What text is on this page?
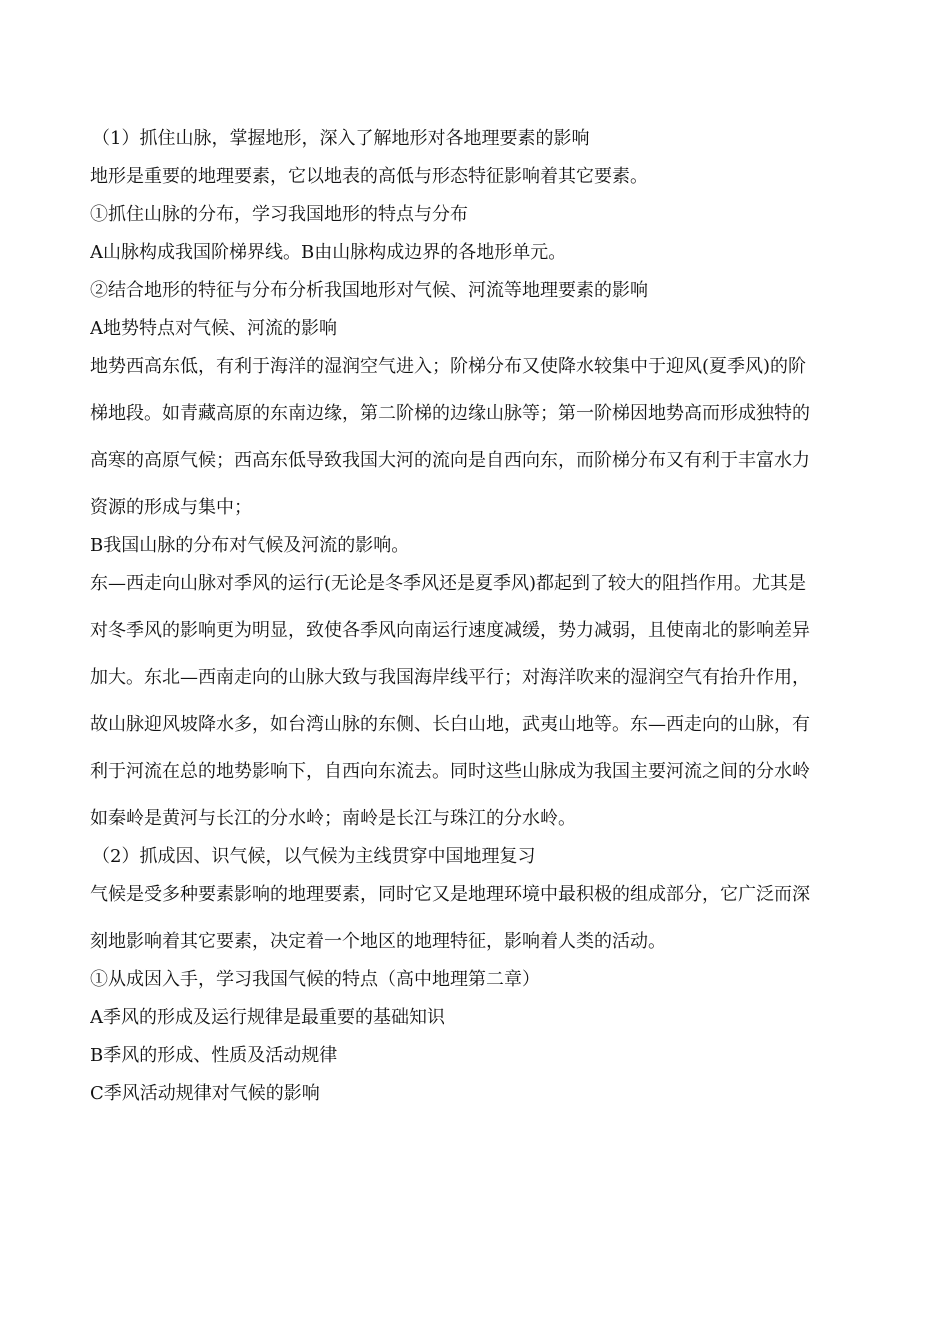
（1）抓住山脉，掌握地形，深入了解地形对各地理要素的影响
地形是重要的地理要素，它以地表的高低与形态特征影响着其它要素。
①抓住山脉的分布，学习我国地形的特点与分布
A山脉构成我国阶梯界线。B由山脉构成边界的各地形单元。
②结合地形的特征与分布分析我国地形对气候、河流等地理要素的影响
A地势特点对气候、河流的影响
地势西高东低，有利于海洋的湿润空气进入；阶梯分布又使降水较集中于迎风(夏季风)的阶
梯地段。如青藏高原的东南边缘，第二阶梯的边缘山脉等；第一阶梯因地势高而形成独特的
高寒的高原气候；西高东低导致我国大河的流向是自西向东，而阶梯分布又有利于丰富水力
资源的形成与集中；
B我国山脉的分布对气候及河流的影响。
东—西走向山脉对季风的运行(无论是冬季风还是夏季风)都起到了较大的阻挡作用。尤其是
对冬季风的影响更为明显，致使各季风向南运行速度减缓，势力减弱，且使南北的影响差异
加大。东北—西南走向的山脉大致与我国海岸线平行；对海洋吹来的湿润空气有抬升作用，
故山脉迎风坡降水多，如台湾山脉的东侧、长白山地，武夷山地等。东—西走向的山脉，有
利于河流在总的地势影响下，自西向东流去。同时这些山脉成为我国主要河流之间的分水岭
如秦岭是黄河与长江的分水岭；南岭是长江与珠江的分水岭。
（2）抓成因、识气候，以气候为主线贯穿中国地理复习
气候是受多种要素影响的地理要素，同时它又是地理环境中最积极的组成部分，它广泛而深
刻地影响着其它要素，决定着一个地区的地理特征，影响着人类的活动。
①从成因入手，学习我国气候的特点（高中地理第二章）
A季风的形成及运行规律是最重要的基础知识
B季风的形成、性质及活动规律
C季风活动规律对气候的影响
